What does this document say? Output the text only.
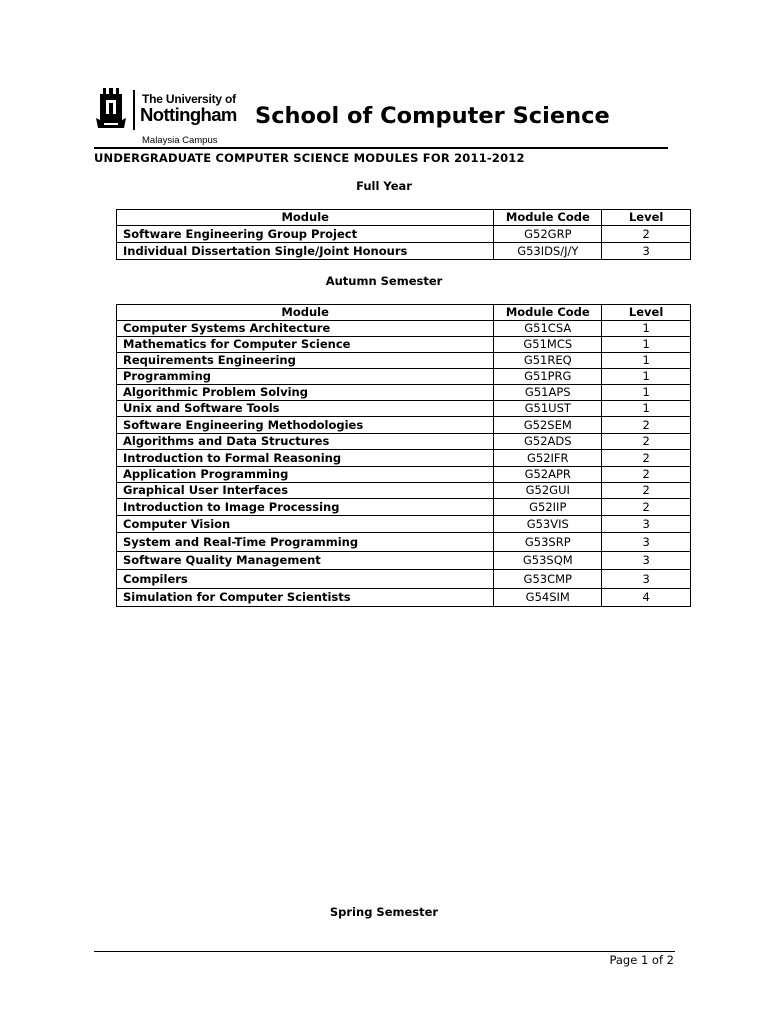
The University of
Nottingham
Malaysia Campus
School of Computer Science
UNDERGRADUATE COMPUTER SCIENCE MODULES FOR 2011-2012
Full Year
Module	Module Code	Level
Software Engineering Group Project	G52GRP	2
Individual Dissertation Single/Joint Honours	G53IDS/J/Y	3
Autumn Semester
Module	Module Code	Level
Computer Systems Architecture	G51CSA	1
Mathematics for Computer Science	G51MCS	1
Requirements Engineering	G51REQ	1
Programming	G51PRG	1
Algorithmic Problem Solving	G51APS	1
Unix and Software Tools	G51UST	1
Software Engineering Methodologies	G52SEM	2
Algorithms and Data Structures	G52ADS	2
Introduction to Formal Reasoning	G52IFR	2
Application Programming	G52APR	2
Graphical User Interfaces	G52GUI	2
Introduction to Image Processing	G52IIP	2
Computer Vision	G53VIS	3
System and Real-Time Programming	G53SRP	3
Software Quality Management	G53SQM	3
Compilers	G53CMP	3
Simulation for Computer Scientists	G54SIM	4
Spring Semester
Page 1 of 2
